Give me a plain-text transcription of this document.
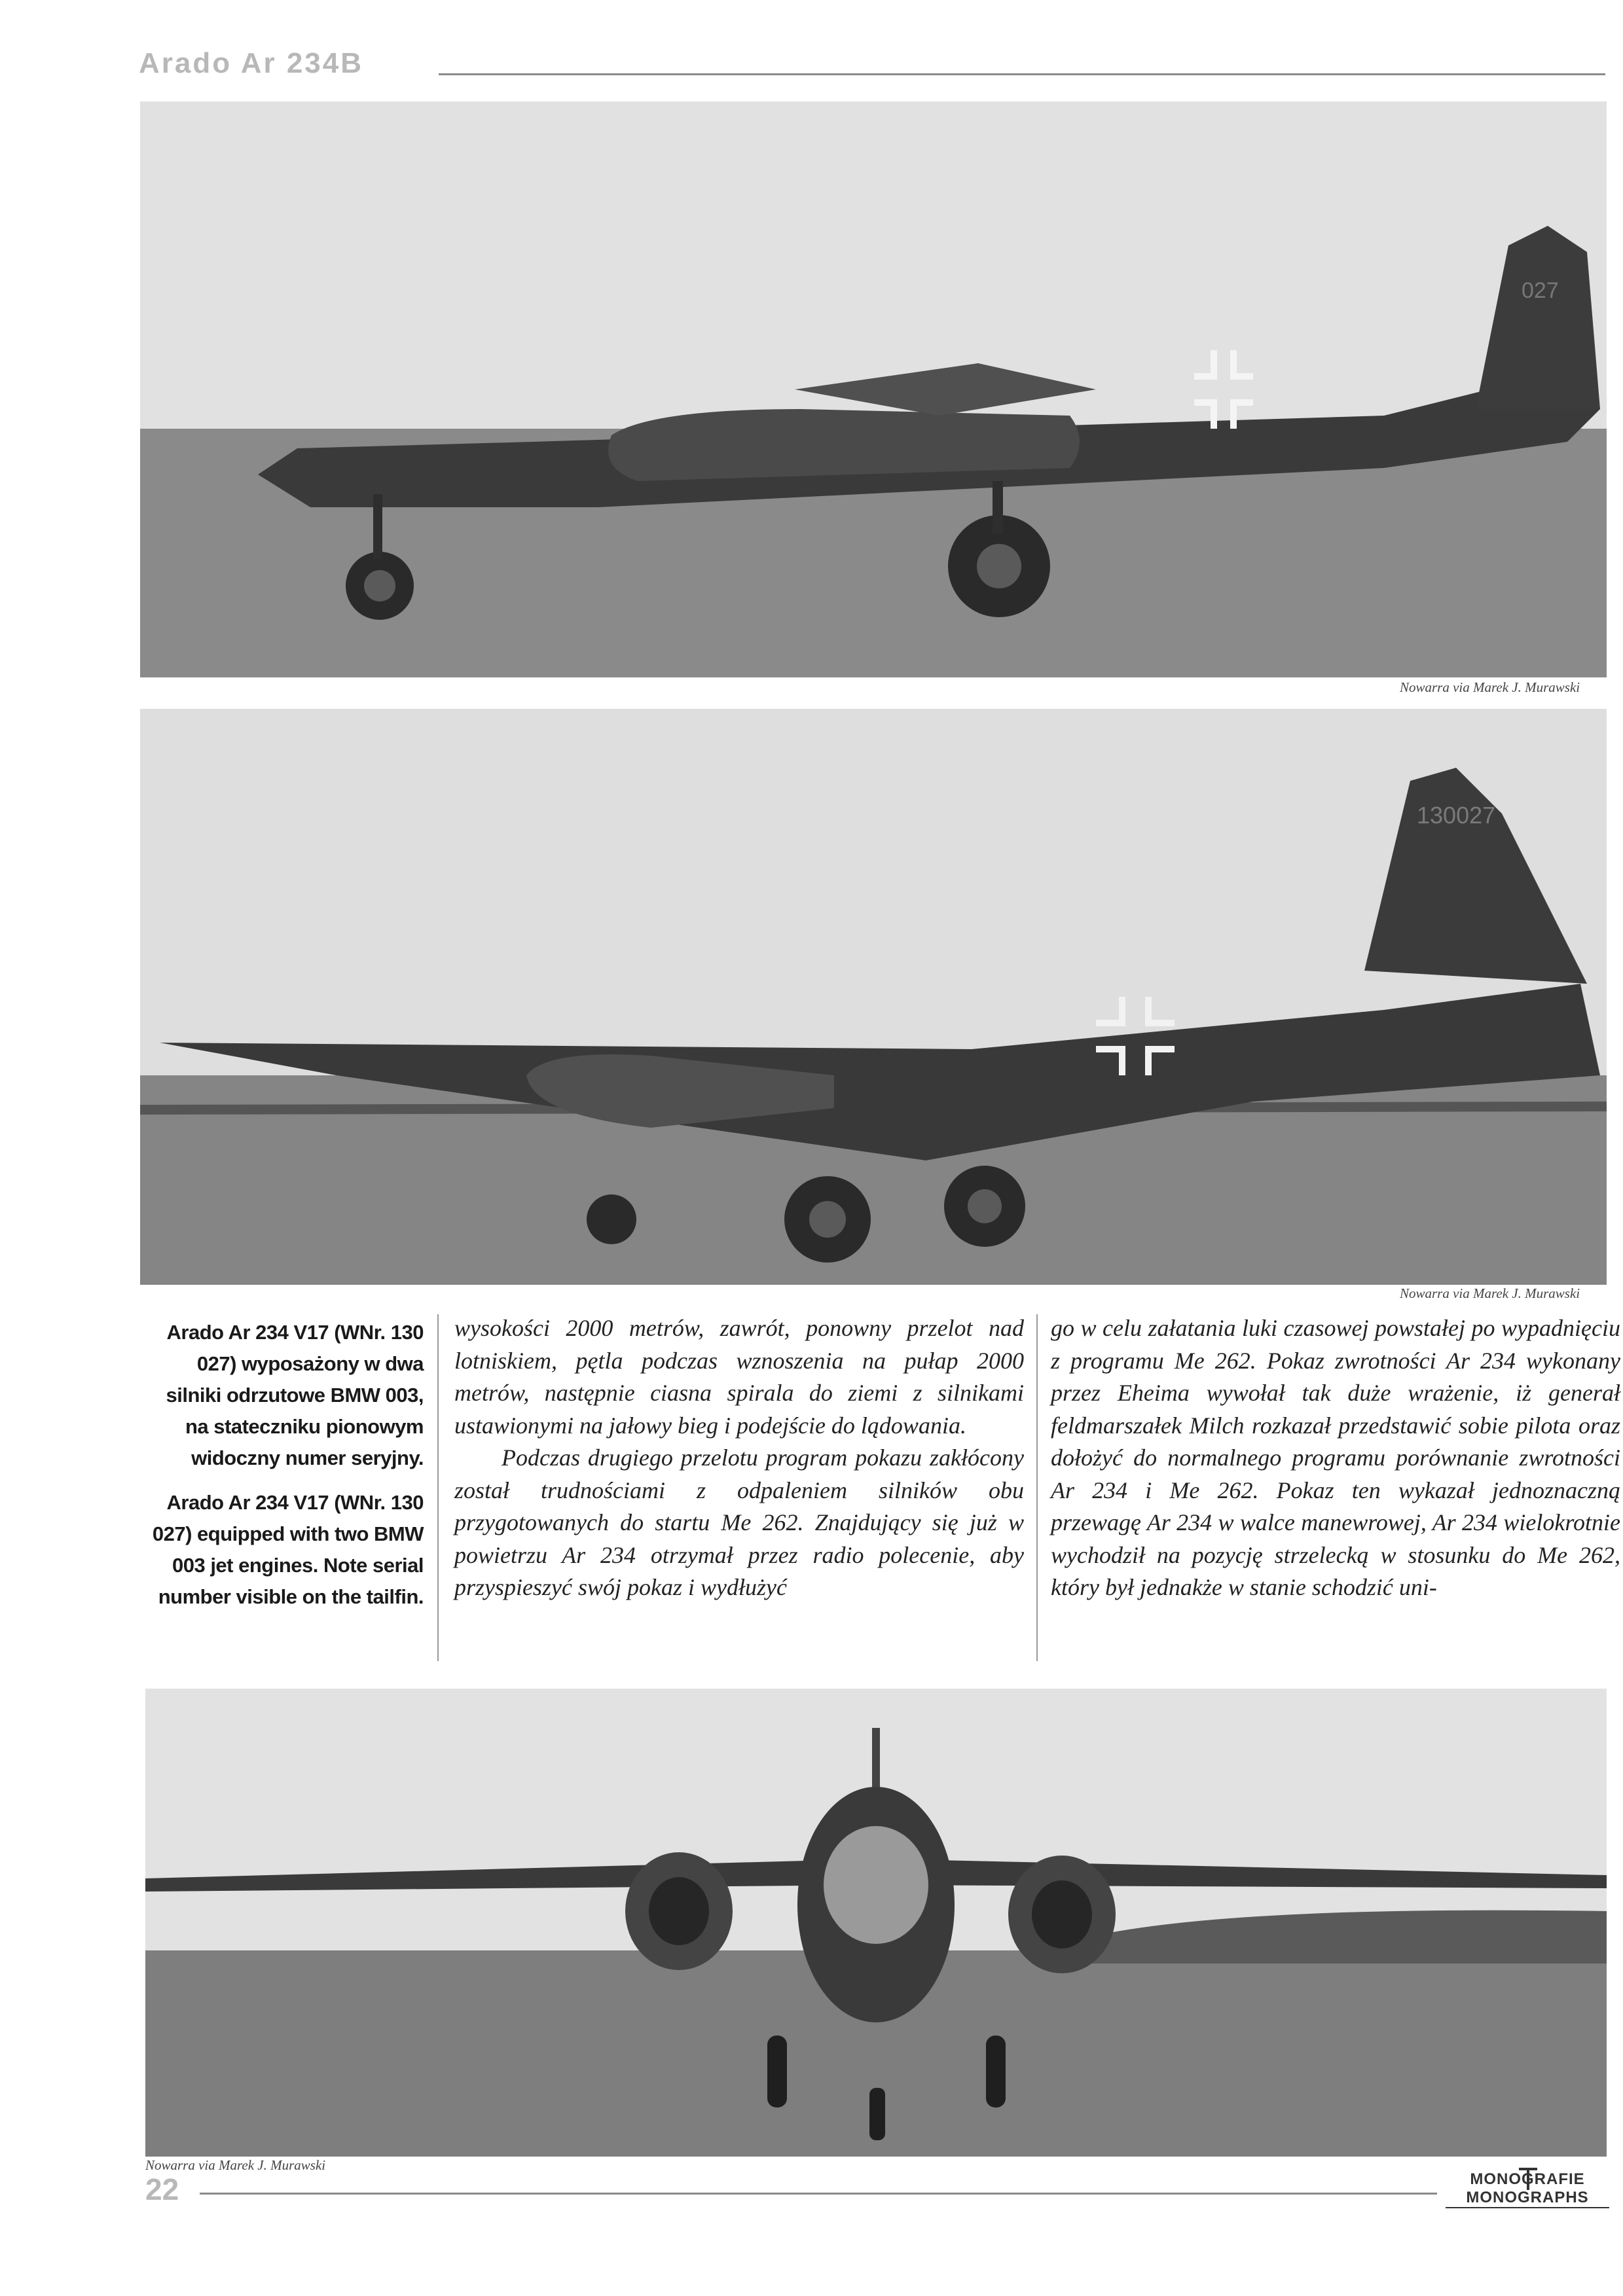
Arado Ar 234B
027
Nowarra via Marek J. Murawski
130027
Nowarra via Marek J. Murawski

Arado Ar 234 V17 (WNr. 130 027) wyposażony w dwa silniki odrzutowe BMW 003, na stateczniku pionowym widoczny numer seryjny.

Arado Ar 234 V17 (WNr. 130 027) equipped with two BMW 003 jet engines. Note serial number visible on the tailfin.

wysokości 2000 metrów, zawrót, ponowny przelot nad lotniskiem, pętla podczas wznoszenia na pułap 2000 metrów, następnie ciasna spirala do ziemi z silnikami ustawionymi na jałowy bieg i podejście do lądowania.

Podczas drugiego przelotu program pokazu zakłócony został trudnościami z odpaleniem silników obu przygotowanych do startu Me 262. Znajdujący się już w powietrzu Ar 234 otrzymał przez radio polecenie, aby przyspieszyć swój pokaz i wydłużyć

go w celu załatania luki czasowej powstałej po wypadnięciu z programu Me 262. Pokaz zwrotności Ar 234 wykonany przez Eheima wywołał tak duże wrażenie, iż generał feldmarszałek Milch rozkazał przedstawić sobie pilota oraz dołożyć do normalnego programu porównanie zwrotności Ar 234 i Me 262. Pokaz ten wykazał jednoznaczną przewagę Ar 234 w walce manewrowej, Ar 234 wielokrotnie wychodził na pozycję strzelecką w stosunku do Me 262, który był jednakże w stanie schodzić uni-

Nowarra via Marek J. Murawski
22	MONOGRAFIE MONOGRAPHS
